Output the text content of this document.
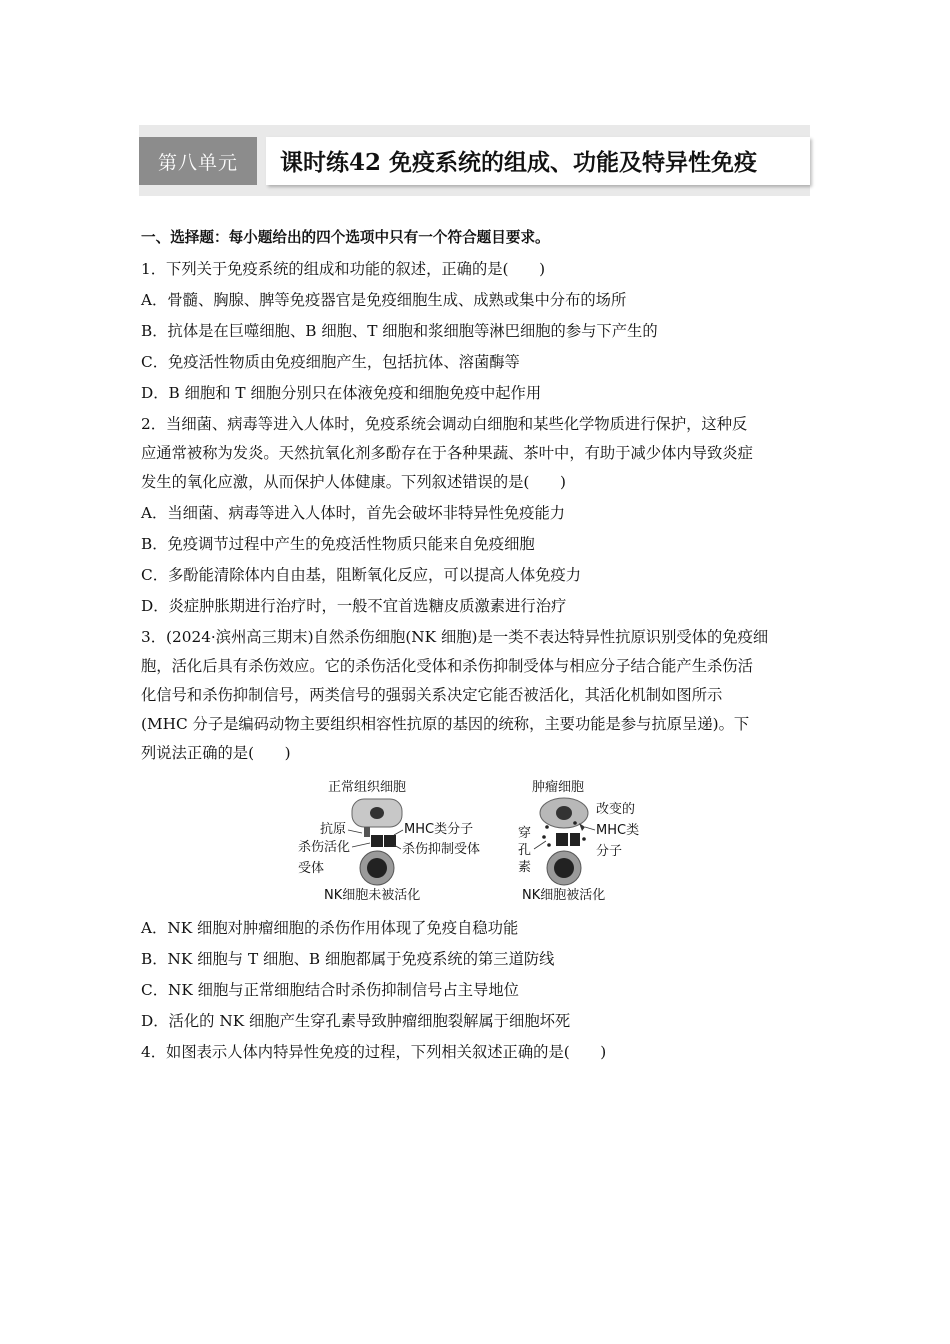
第八单元	课时练42 免疫系统的组成、功能及特异性免疫
一、选择题：每小题给出的四个选项中只有一个符合题目要求。
1．下列关于免疫系统的组成和功能的叙述，正确的是(　　)
A．骨髓、胸腺、脾等免疫器官是免疫细胞生成、成熟或集中分布的场所
B．抗体是在巨噬细胞、B 细胞、T 细胞和浆细胞等淋巴细胞的参与下产生的
C．免疫活性物质由免疫细胞产生，包括抗体、溶菌酶等
D．B 细胞和 T 细胞分别只在体液免疫和细胞免疫中起作用
2．当细菌、病毒等进入人体时，免疫系统会调动白细胞和某些化学物质进行保护，这种反
应通常被称为发炎。天然抗氧化剂多酚存在于各种果蔬、茶叶中，有助于减少体内导致炎症
发生的氧化应激，从而保护人体健康。下列叙述错误的是(　　)
A．当细菌、病毒等进入人体时，首先会破坏非特异性免疫能力
B．免疫调节过程中产生的免疫活性物质只能来自免疫细胞
C．多酚能清除体内自由基，阻断氧化反应，可以提高人体免疫力
D．炎症肿胀期进行治疗时，一般不宜首选糖皮质激素进行治疗
3．(2024·滨州高三期末)自然杀伤细胞(NK 细胞)是一类不表达特异性抗原识别受体的免疫细
胞，活化后具有杀伤效应。它的杀伤活化受体和杀伤抑制受体与相应分子结合能产生杀伤活
化信号和杀伤抑制信号，两类信号的强弱关系决定它能否被活化，其活化机制如图所示
(MHC 分子是编码动物主要组织相容性抗原的基因的统称，主要功能是参与抗原呈递)。下
列说法正确的是(　　)
A．NK 细胞对肿瘤细胞的杀伤作用体现了免疫自稳功能
B．NK 细胞与 T 细胞、B 细胞都属于免疫系统的第三道防线
C．NK 细胞与正常细胞结合时杀伤抑制信号占主导地位
D．活化的 NK 细胞产生穿孔素导致肿瘤细胞裂解属于细胞坏死
4．如图表示人体内特异性免疫的过程，下列相关叙述正确的是(　　)
正常组织细胞
抗原
杀伤活化
受体
MHC类分子
杀伤抑制受体
NK细胞未被活化
肿瘤细胞
改变的
MHC类
分子
穿
孔
素
NK细胞被活化
